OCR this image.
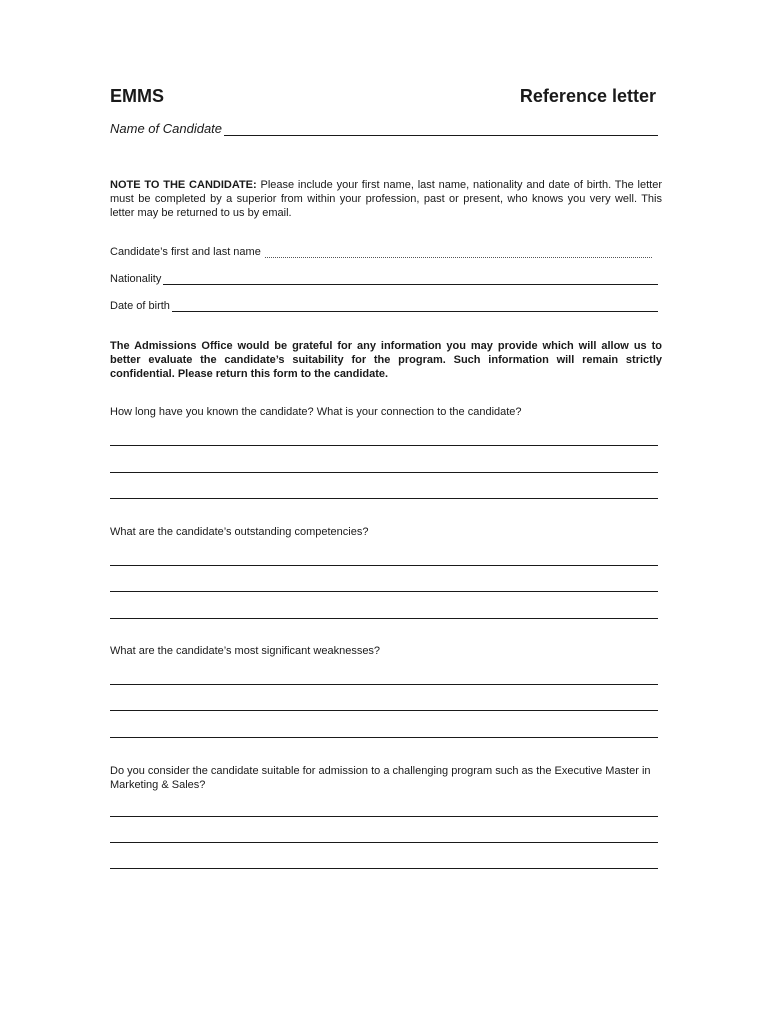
EMMS	Reference letter
Name of Candidate
NOTE TO THE CANDIDATE: Please include your first name, last name, nationality and date of birth. The letter must be completed by a superior from within your profession, past or present, who knows you very well. This letter may be returned to us by email.
Candidate’s first and last name
Nationality
Date of birth
The Admissions Office would be grateful for any information you may provide which will allow us to better evaluate the candidate’s suitability for the program. Such information will remain strictly confidential. Please return this form to the candidate.
How long have you known the candidate? What is your connection to the candidate?
What are the candidate’s outstanding competencies?
What are the candidate’s most significant weaknesses?
Do you consider the candidate suitable for admission to a challenging program such as the Executive Master in Marketing & Sales?
